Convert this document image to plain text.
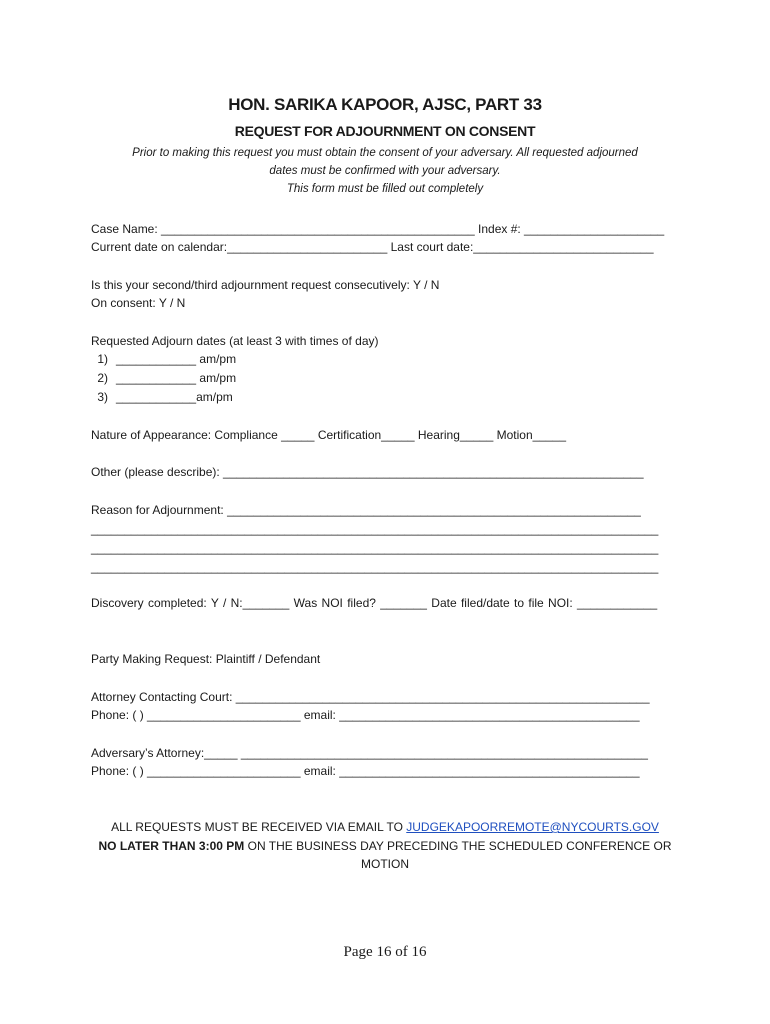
HON. SARIKA KAPOOR, AJSC, PART 33
REQUEST FOR ADJOURNMENT ON CONSENT
Prior to making this request you must obtain the consent of your adversary. All requested adjourned
dates must be confirmed with your adversary.
This form must be filled out completely
Case Name: _______________________________________________ Index #: _____________________
Current date on calendar:________________________ Last court date:___________________________
Is this your second/third adjournment request consecutively: Y / N
On consent: Y / N
Requested Adjourn dates (at least 3 with times of day)
1) ____________ am/pm
2) ____________ am/pm
3) ____________am/pm
Nature of Appearance: Compliance _____ Certification_____ Hearing_____ Motion_____
Other (please describe): _______________________________________________________________
Reason for Adjournment: ______________________________________________________________
_____________________________________________________________________________________
_____________________________________________________________________________________
_____________________________________________________________________________________
Discovery completed: Y / N:_______ Was NOI filed? _______ Date filed/date to file NOI: ____________
Party Making Request: Plaintiff / Defendant
Attorney Contacting Court: ______________________________________________________________
Phone: ( ) _______________________ email: _____________________________________________
Adversary’s Attorney:_____ _____________________________________________________________
Phone: ( ) _______________________ email: _____________________________________________
ALL REQUESTS MUST BE RECEIVED VIA EMAIL TO JUDGEKAPOORREMOTE@NYCOURTS.GOV
NO LATER THAN 3:00 PM ON THE BUSINESS DAY PRECEDING THE SCHEDULED CONFERENCE OR
MOTION
Page 16 of 16
